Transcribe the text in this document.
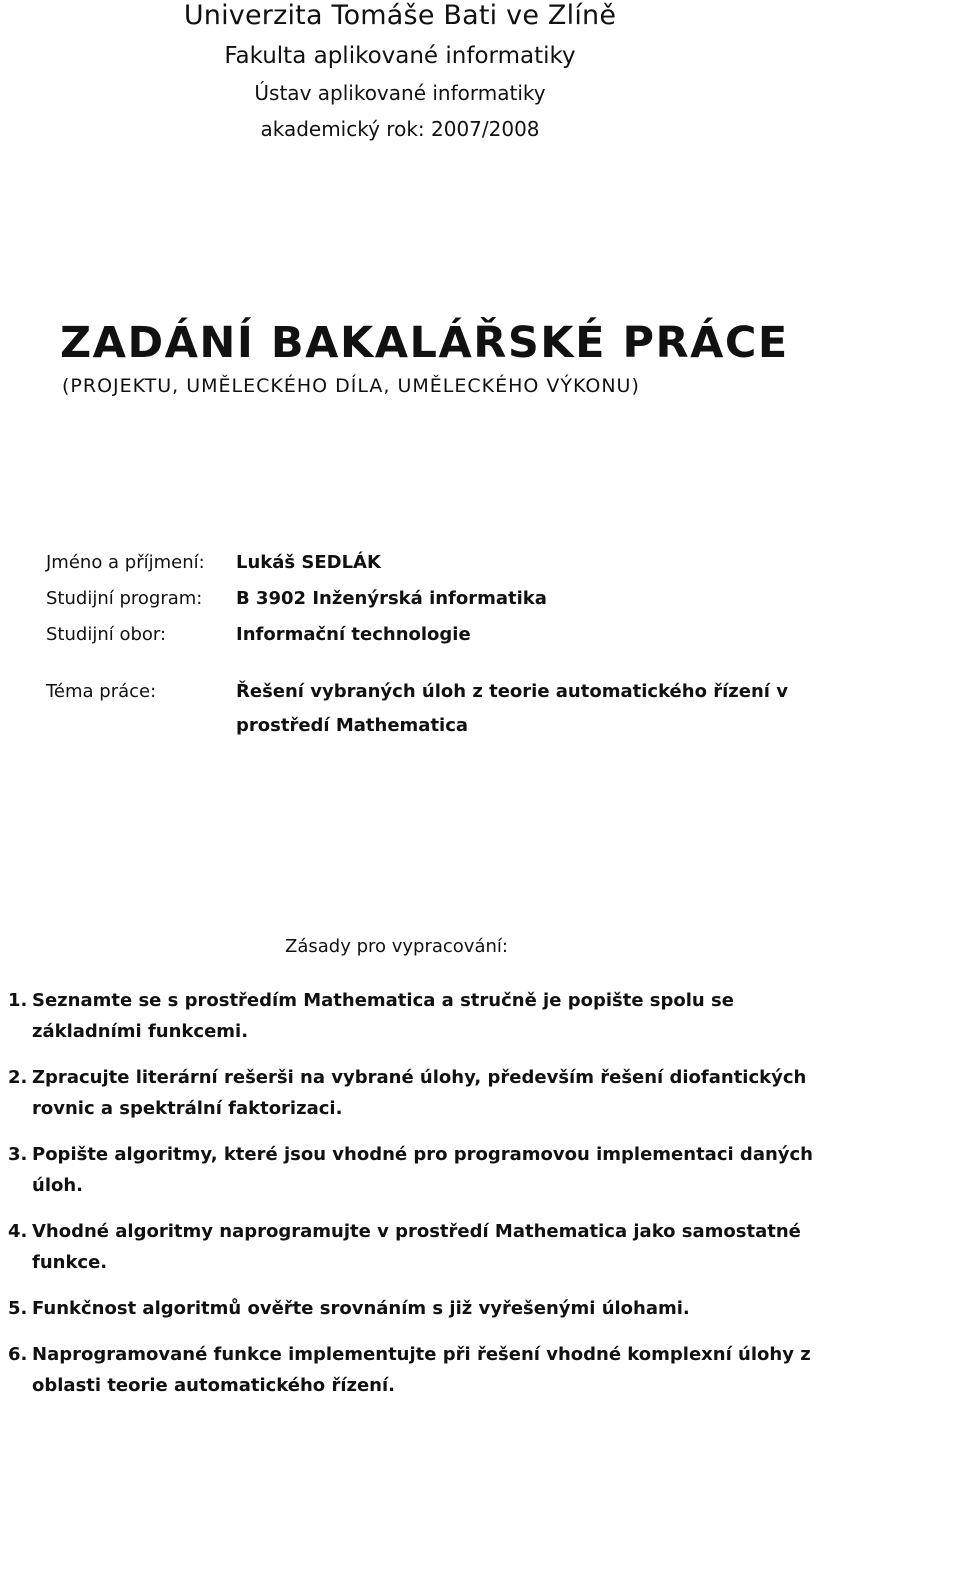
Univerzita Tomáše Bati ve Zlíně
Fakulta aplikované informatiky
Ústav aplikované informatiky
akademický rok: 2007/2008
ZADÁNÍ BAKALÁŘSKÉ PRÁCE
(PROJEKTU, UMĚLECKÉHO DÍLA, UMĚLECKÉHO VÝKONU)
Jméno a příjmení:	Lukáš SEDLÁK
Studijní program:	B 3902 Inženýrská informatika
Studijní obor:	Informační technologie
Téma práce:	Řešení vybraných úloh z teorie automatického řízení v prostředí Mathematica
Zásady pro vypracování:
1. Seznamte se s prostředím Mathematica a stručně je popište spolu se základními funkcemi.
2. Zpracujte literární rešerši na vybrané úlohy, především řešení diofantických rovnic a spektrální faktorizaci.
3. Popište algoritmy, které jsou vhodné pro programovou implementaci daných úloh.
4. Vhodné algoritmy naprogramujte v prostředí Mathematica jako samostatné funkce.
5. Funkčnost algoritmů ověřte srovnáním s již vyřešenými úlohami.
6. Naprogramované funkce implementujte při řešení vhodné komplexní úlohy z oblasti teorie automatického řízení.
